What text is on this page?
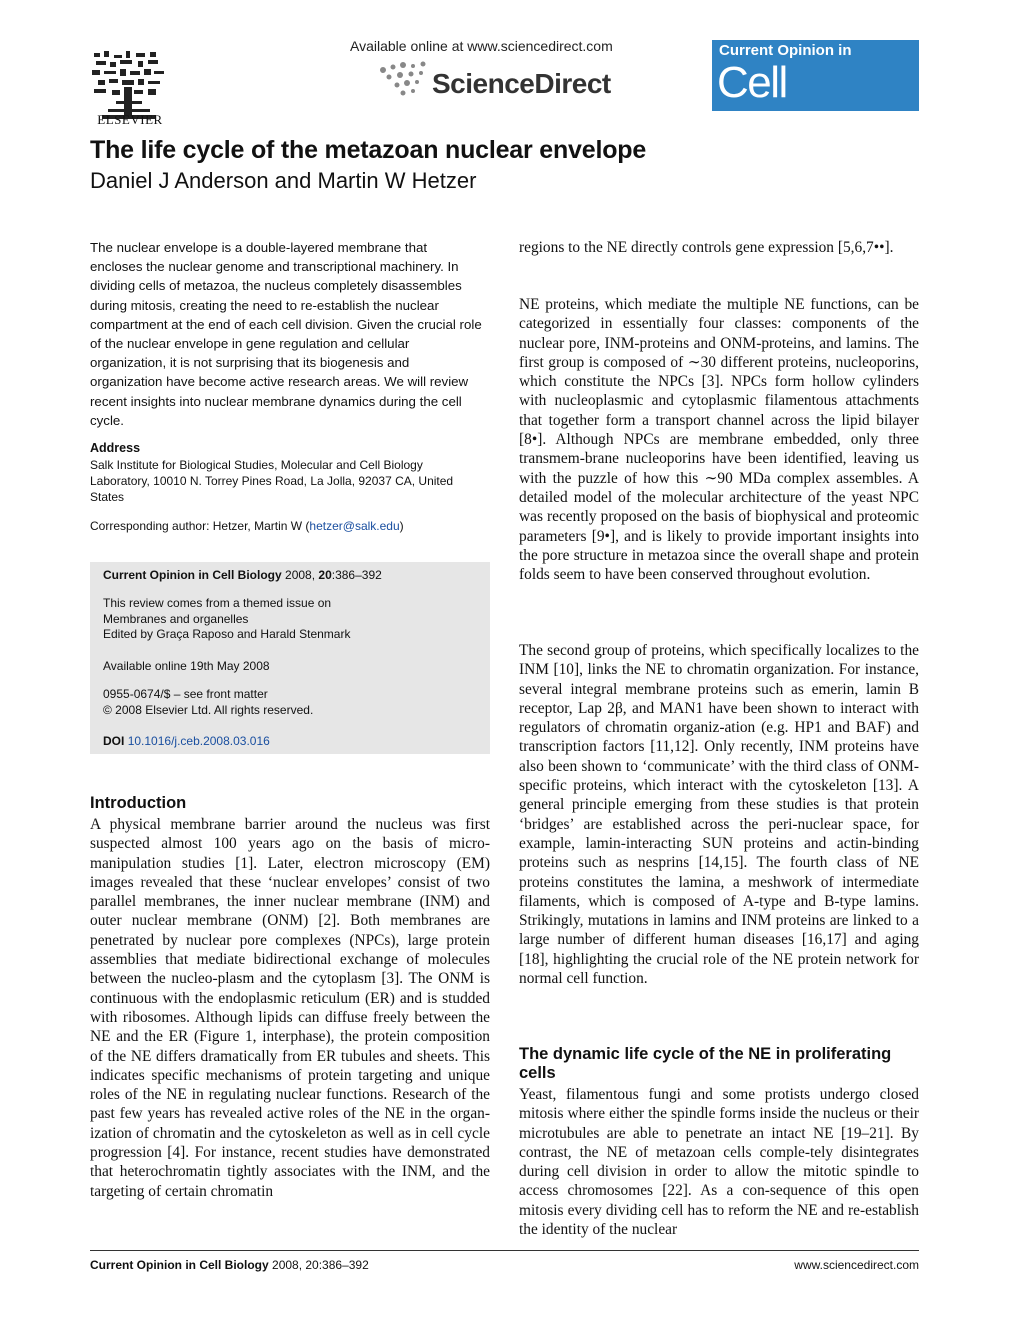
ELSEVIER
Available online at www.sciencedirect.com
ScienceDirect
Current Opinion in
Cell Biology
The life cycle of the metazoan nuclear envelope
Daniel J Anderson and Martin W Hetzer
The nuclear envelope is a double-layered membrane that encloses the nuclear genome and transcriptional machinery. In dividing cells of metazoa, the nucleus completely disassembles during mitosis, creating the need to re-establish the nuclear compartment at the end of each cell division. Given the crucial role of the nuclear envelope in gene regulation and cellular organization, it is not surprising that its biogenesis and organization have become active research areas. We will review recent insights into nuclear membrane dynamics during the cell cycle.
Address
Salk Institute for Biological Studies, Molecular and Cell Biology Laboratory, 10010 N. Torrey Pines Road, La Jolla, 92037 CA, United States
Corresponding author: Hetzer, Martin W (hetzer@salk.edu)
Current Opinion in Cell Biology 2008, 20:386–392
This review comes from a themed issue on
Membranes and organelles
Edited by Graça Raposo and Harald Stenmark
Available online 19th May 2008
0955-0674/$ – see front matter
© 2008 Elsevier Ltd. All rights reserved.
DOI 10.1016/j.ceb.2008.03.016
Introduction
A physical membrane barrier around the nucleus was first suspected almost 100 years ago on the basis of micro-manipulation studies [1]. Later, electron microscopy (EM) images revealed that these ‘nuclear envelopes’ consist of two parallel membranes, the inner nuclear membrane (INM) and outer nuclear membrane (ONM) [2]. Both membranes are penetrated by nuclear pore complexes (NPCs), large protein assemblies that mediate bidirectional exchange of molecules between the nucleo-plasm and the cytoplasm [3]. The ONM is continuous with the endoplasmic reticulum (ER) and is studded with ribosomes. Although lipids can diffuse freely between the NE and the ER (Figure 1, interphase), the protein composition of the NE differs dramatically from ER tubules and sheets. This indicates specific mechanisms of protein targeting and unique roles of the NE in regulating nuclear functions. Research of the past few years has revealed active roles of the NE in the organ-ization of chromatin and the cytoskeleton as well as in cell cycle progression [4]. For instance, recent studies have demonstrated that heterochromatin tightly associates with the INM, and the targeting of certain chromatin
regions to the NE directly controls gene expression [5,6,7••].
NE proteins, which mediate the multiple NE functions, can be categorized in essentially four classes: components of the nuclear pore, INM-proteins and ONM-proteins, and lamins. The first group is composed of ∼30 different proteins, nucleoporins, which constitute the NPCs [3]. NPCs form hollow cylinders with nucleoplasmic and cytoplasmic filamentous attachments that together form a transport channel across the lipid bilayer [8•]. Although NPCs are membrane embedded, only three transmem-brane nucleoporins have been identified, leaving us with the puzzle of how this ∼90 MDa complex assembles. A detailed model of the molecular architecture of the yeast NPC was recently proposed on the basis of biophysical and proteomic parameters [9•], and is likely to provide important insights into the pore structure in metazoa since the overall shape and protein folds seem to have been conserved throughout evolution.
The second group of proteins, which specifically localizes to the INM [10], links the NE to chromatin organization. For instance, several integral membrane proteins such as emerin, lamin B receptor, Lap 2β, and MAN1 have been shown to interact with regulators of chromatin organiz-ation (e.g. HP1 and BAF) and transcription factors [11,12]. Only recently, INM proteins have also been shown to ‘communicate’ with the third class of ONM-specific proteins, which interact with the cytoskeleton [13]. A general principle emerging from these studies is that protein ‘bridges’ are established across the peri-nuclear space, for example, lamin-interacting SUN proteins and actin-binding proteins such as nesprins [14,15]. The fourth class of NE proteins constitutes the lamina, a meshwork of intermediate filaments, which is composed of A-type and B-type lamins. Strikingly, mutations in lamins and INM proteins are linked to a large number of different human diseases [16,17] and aging [18], highlighting the crucial role of the NE protein network for normal cell function.
The dynamic life cycle of the NE in proliferating cells
Yeast, filamentous fungi and some protists undergo closed mitosis where either the spindle forms inside the nucleus or their microtubules are able to penetrate an intact NE [19–21]. By contrast, the NE of metazoan cells comple-tely disintegrates during cell division in order to allow the mitotic spindle to access chromosomes [22]. As a con-sequence of this open mitosis every dividing cell has to reform the NE and re-establish the identity of the nuclear
Current Opinion in Cell Biology 2008, 20:386–392	www.sciencedirect.com
